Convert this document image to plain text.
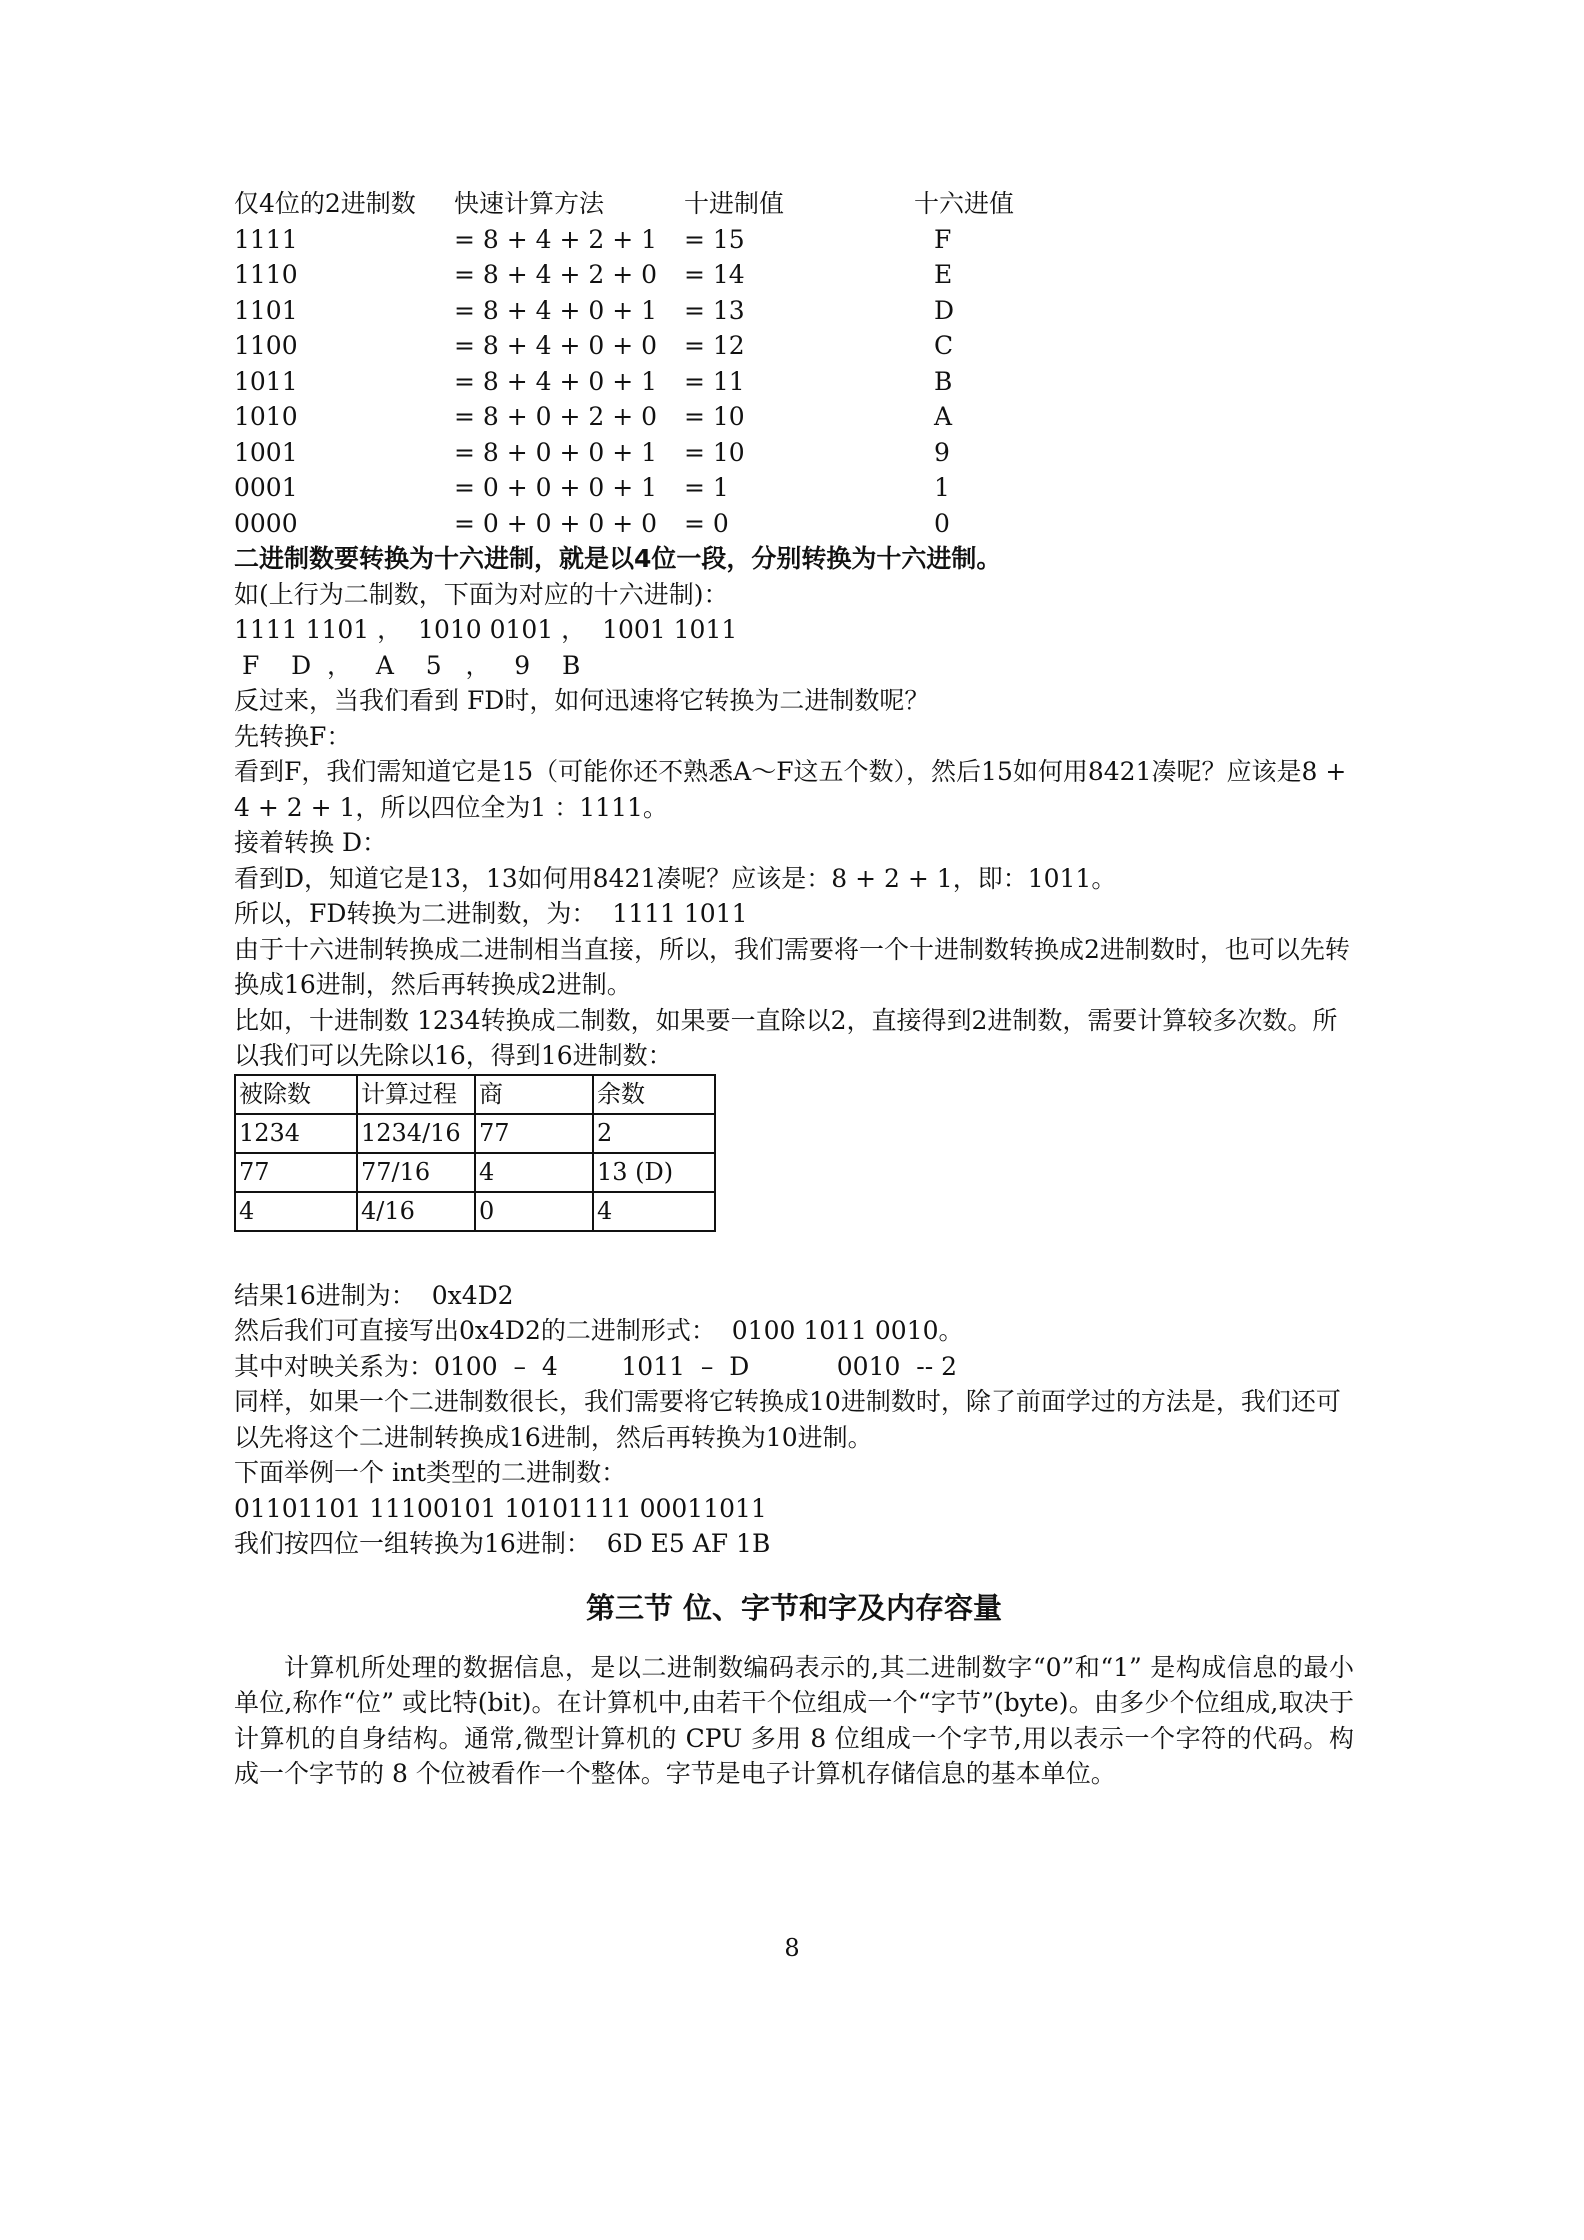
仅4位的2进制数	快速计算方法	十进制值	十六进值
1111	= 8 + 4 + 2 + 1	= 15	F
1110	= 8 + 4 + 2 + 0	= 14	E
1101	= 8 + 4 + 0 + 1	= 13	D
1100	= 8 + 4 + 0 + 0	= 12	C
1011	= 8 + 4 + 0 + 1	= 11	B
1010	= 8 + 0 + 2 + 0	= 10	A
1001	= 8 + 0 + 0 + 1	= 10	9
0001	= 0 + 0 + 0 + 1	= 1	1
0000	= 0 + 0 + 0 + 0	= 0	0
二进制数要转换为十六进制，就是以4位一段，分别转换为十六进制。
如(上行为二制数，下面为对应的十六进制)：
1111 1101 ，  1010 0101 ，  1001 1011
F    D  ，   A    5   ，   9    B
反过来，当我们看到 FD时，如何迅速将它转换为二进制数呢？
先转换F：
看到F，我们需知道它是15（可能你还不熟悉A～F这五个数），然后15如何用8421凑呢？应该是8 + 4 + 2 + 1，所以四位全为1 ：1111。
接着转换 D：
看到D，知道它是13，13如何用8421凑呢？应该是：8 + 2 + 1，即：1011。
所以，FD转换为二进制数，为：  1111 1011
由于十六进制转换成二进制相当直接，所以，我们需要将一个十进制数转换成2进制数时，也可以先转换成16进制，然后再转换成2进制。
比如，十进制数 1234转换成二制数，如果要一直除以2，直接得到2进制数，需要计算较多次数。所以我们可以先除以16，得到16进制数：
被除数	计算过程	商	余数
1234	1234/16	77	2
77	77/16	4	13 (D)
4	4/16	0	4
结果16进制为：  0x4D2
然后我们可直接写出0x4D2的二进制形式：  0100 1011 0010。
其中对映关系为：0100  –  4        1011  –  D           0010  -- 2
同样，如果一个二进制数很长，我们需要将它转换成10进制数时，除了前面学过的方法是，我们还可以先将这个二进制转换成16进制，然后再转换为10进制。
下面举例一个 int类型的二进制数：
01101101 11100101 10101111 00011011
我们按四位一组转换为16进制：  6D E5 AF 1B
第三节 位、字节和字及内存容量
计算机所处理的数据信息，是以二进制数编码表示的,其二进制数字“0”和“1” 是构成信息的最小单位,称作“位” 或比特(bit)。在计算机中,由若干个位组成一个“字节”(byte)。由多少个位组成,取决于计算机的自身结构。通常,微型计算机的 CPU 多用 8 位组成一个字节,用以表示一个字符的代码。构成一个字节的 8 个位被看作一个整体。字节是电子计算机存储信息的基本单位。
8
